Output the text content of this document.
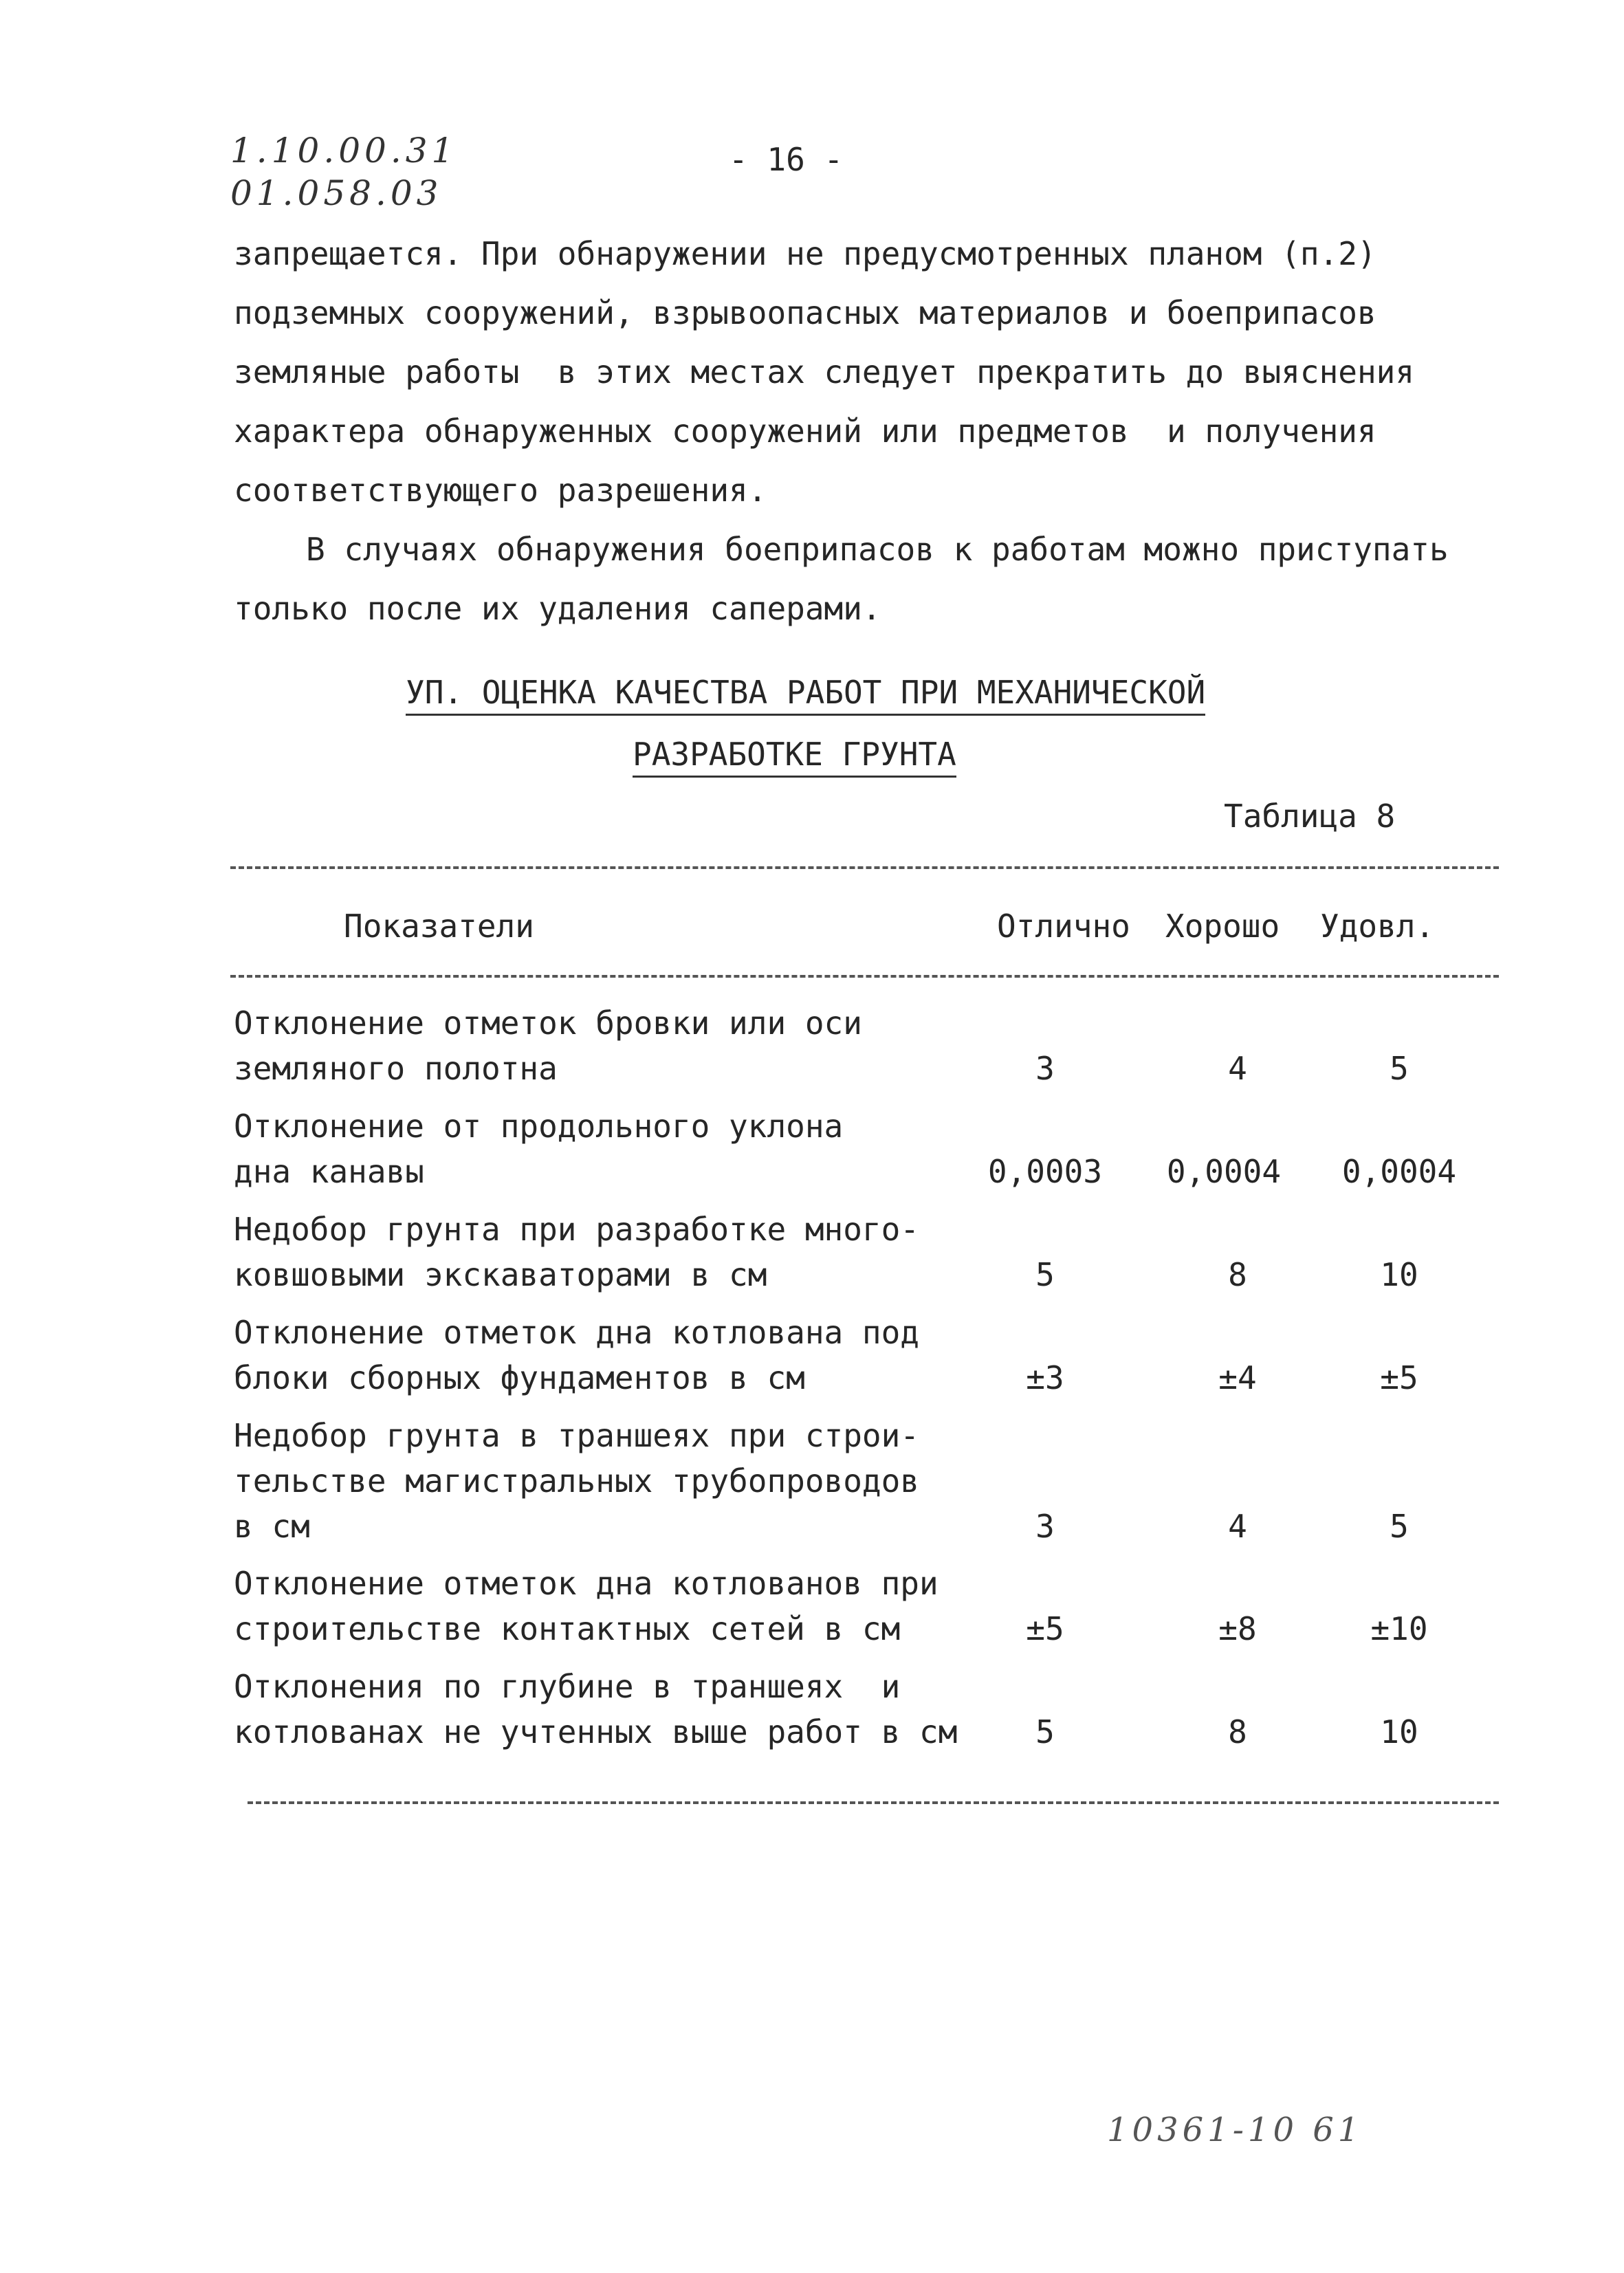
1.10.00.31
01.058.03
- 16 -
запрещается. При обнаружении не предусмотренных планом (п.2)
подземных сооружений, взрывоопасных материалов и боеприпасов
земляные работы  в этих местах следует прекратить до выяснения
характера обнаруженных сооружений или предметов  и получения
соответствующего разрешения.
В случаях обнаружения боеприпасов к работам можно приступать
только после их удаления саперами.
УП. ОЦЕНКА КАЧЕСТВА РАБОТ ПРИ МЕХАНИЧЕСКОЙ
РАЗРАБОТКЕ ГРУНТА
Таблица 8
Показатели	Отлично Хорошо Удовл.
Отклонение отметок бровки или оси
земляного полотна	3	4	5
Отклонение от продольного уклона
дна канавы	0,0003	0,0004	0,0004
Недобор грунта при разработке много-
ковшовыми экскаваторами в см	5	8	10
Отклонение отметок дна котлована под
блоки сборных фундаментов в см	±3	±4	±5
Недобор грунта в траншеях при строи-
тельстве магистральных трубопроводов
в см	3	4	5
Отклонение отметок дна котлованов при
строительстве контактных сетей в см	±5	±8	±10
Отклонения по глубине в траншеях  и
котлованах не учтенных выше работ в см	5	8	10
10361-10 61
